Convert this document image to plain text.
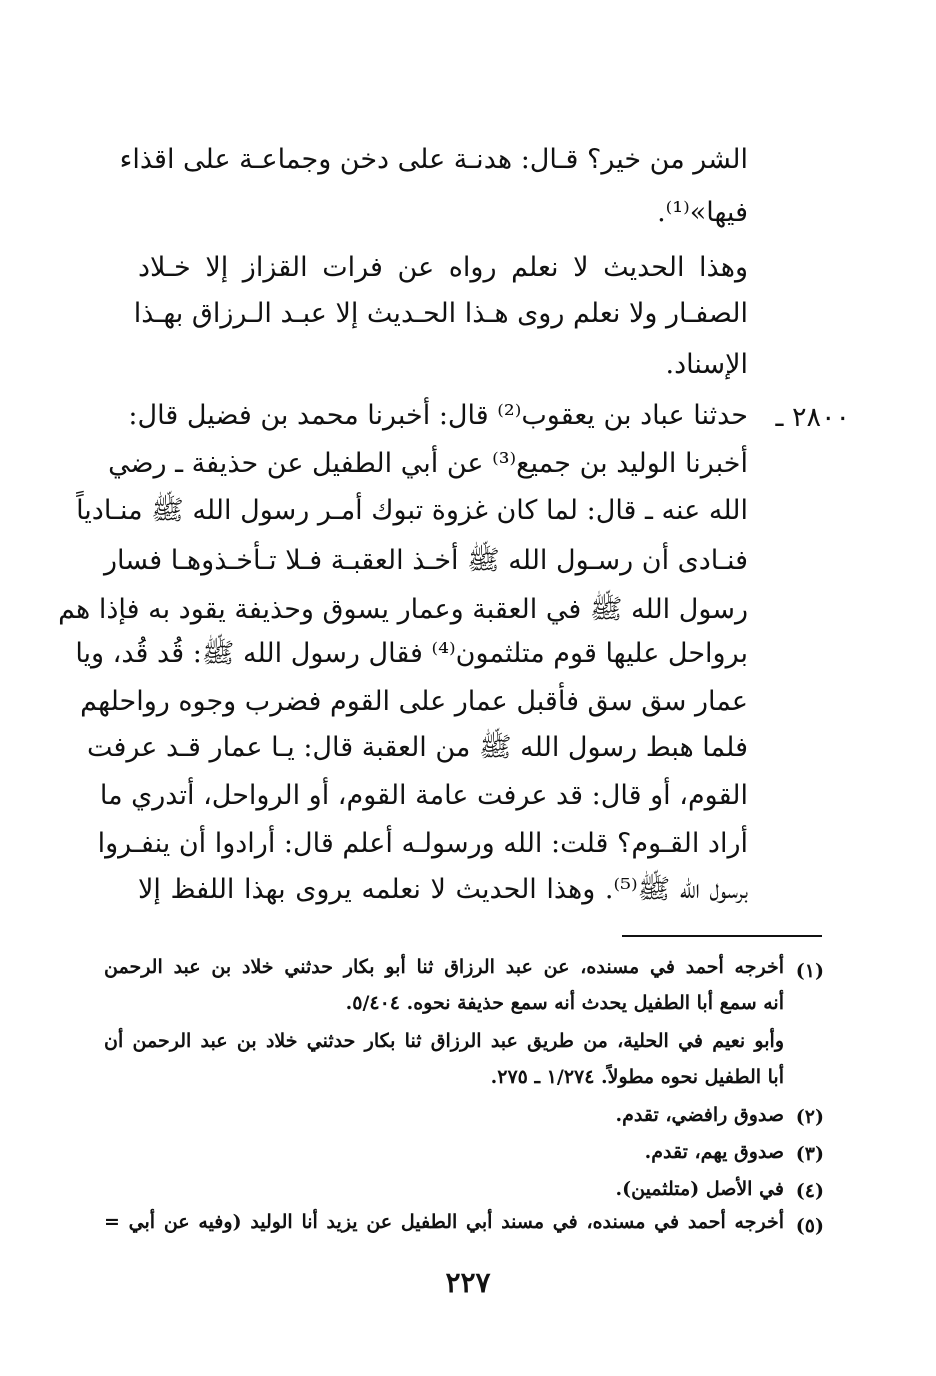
الشر من خير؟ قـال: هدنـة على دخن وجماعـة على اقذاء
فيها»⁽¹⁾.
وهذا الحديث لا نعلم رواه عن فرات القزاز إلا خـلاد
الصفـار ولا نعلم روى هـذا الحـديث إلا عبـد الـرزاق بهـذا
الإسناد.
٢٨٠٠ ـ
حدثنا عباد بن يعقوب⁽²⁾ قال: أخبرنا محمد بن فضيل قال:
أخبرنا الوليد بن جميع⁽³⁾ عن أبي الطفيل عن حذيفة ـ رضي
الله عنه ـ قال: لما كان غزوة تبوك أمـر رسول الله ﷺ منـادياً
فنـادى أن رسـول الله ﷺ أخـذ العقبـة فـلا تـأخـذوهـا فسار
رسول الله ﷺ في العقبة وعمار يسوق وحذيفة يقود به فإذا هم
برواحل عليها قوم متلثمون⁽⁴⁾ فقال رسول الله ﷺ: قُد قُد، ويا
عمار سق سق فأقبل عمار على القوم فضرب وجوه رواحلهم
فلما هبط رسول الله ﷺ من العقبة قال: يـا عمار قـد عرفت
القوم، أو قال: قد عرفت عامة القوم، أو الرواحل، أتدري ما
أراد القـوم؟ قلت: الله ورسولـه أعلم قال: أرادوا أن ينفـروا
برسول الله ﷺ⁽⁵⁾. وهذا الحديث لا نعلمه يروى بهذا اللفظ إلا
(١)
أخرجه أحمد في مسنده، عن عبد الرزاق ثنا أبو بكار حدثني خلاد بن عبد الرحمن
أنه سمع أبا الطفيل يحدث أنه سمع حذيفة نحوه. ٥/٤٠٤.
وأبو نعيم في الحلية، من طريق عبد الرزاق ثنا بكار حدثني خلاد بن عبد الرحمن أن
أبا الطفيل نحوه مطولاً. ١/٢٧٤ ـ ٢٧٥.
(٢)
صدوق رافضي، تقدم.
(٣)
صدوق يهم، تقدم.
(٤)
في الأصل (متلثمين).
(٥)
أخرجه أحمد في مسنده، في مسند أبي الطفيل عن يزيد أنا الوليد (وفيه عن أبي =
٢٢٧
